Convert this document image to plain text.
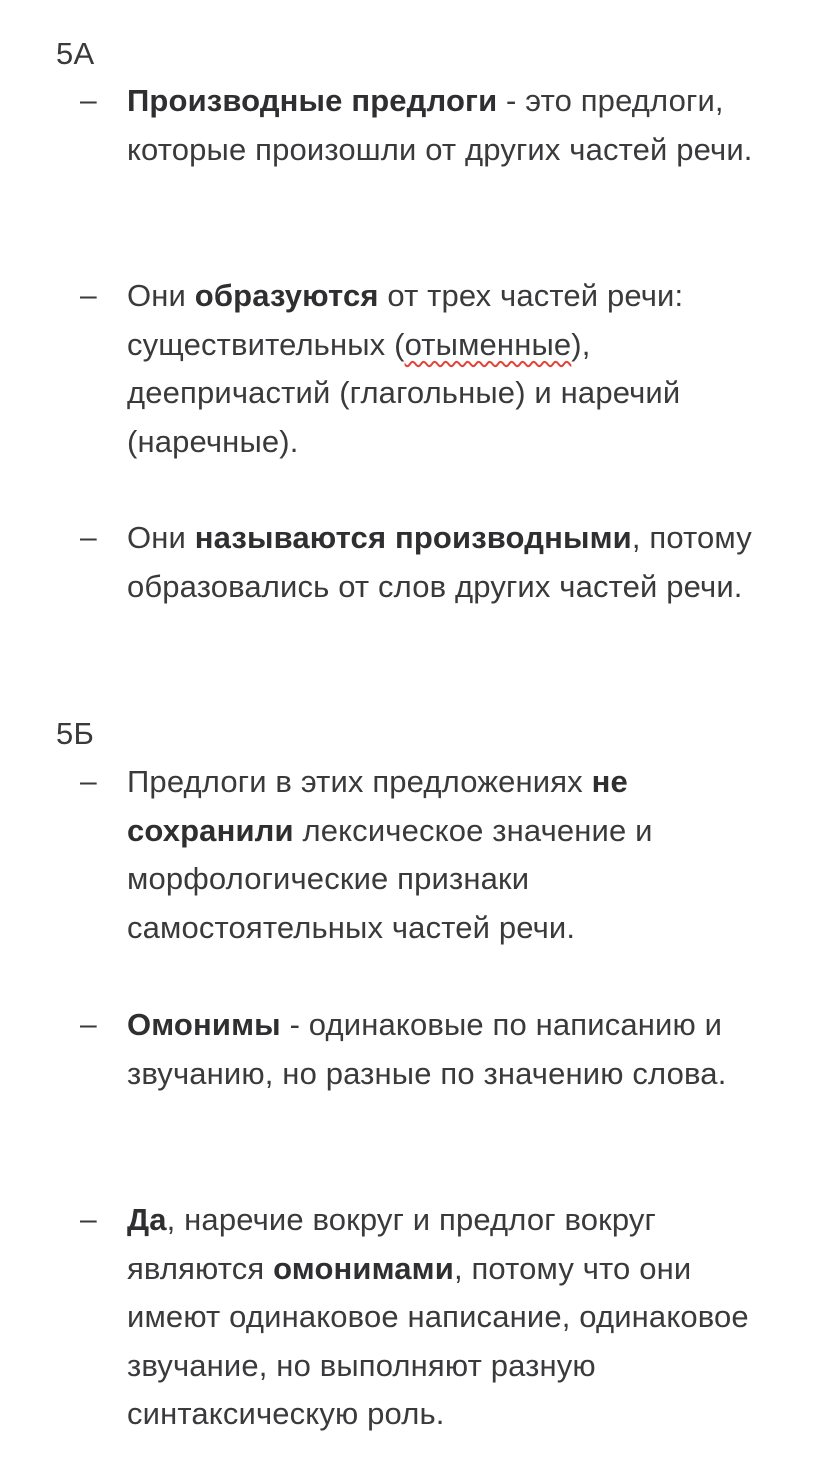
5А
– Производные предлоги - это предлоги, которые произошли от других частей речи.
– Они образуются от трех частей речи: существительных (отыменные), деепричастий (глагольные) и наречий (наречные).
– Они называются производными, потому образовались от слов других частей речи.
5Б
– Предлоги в этих предложениях не сохранили лексическое значение и морфологические признаки самостоятельных частей речи.
– Омонимы - одинаковые по написанию и звучанию, но разные по значению слова.
– Да, наречие вокруг и предлог вокруг являются омонимами, потому что они имеют одинаковое написание, одинаковое звучание, но выполняют разную синтаксическую роль.
